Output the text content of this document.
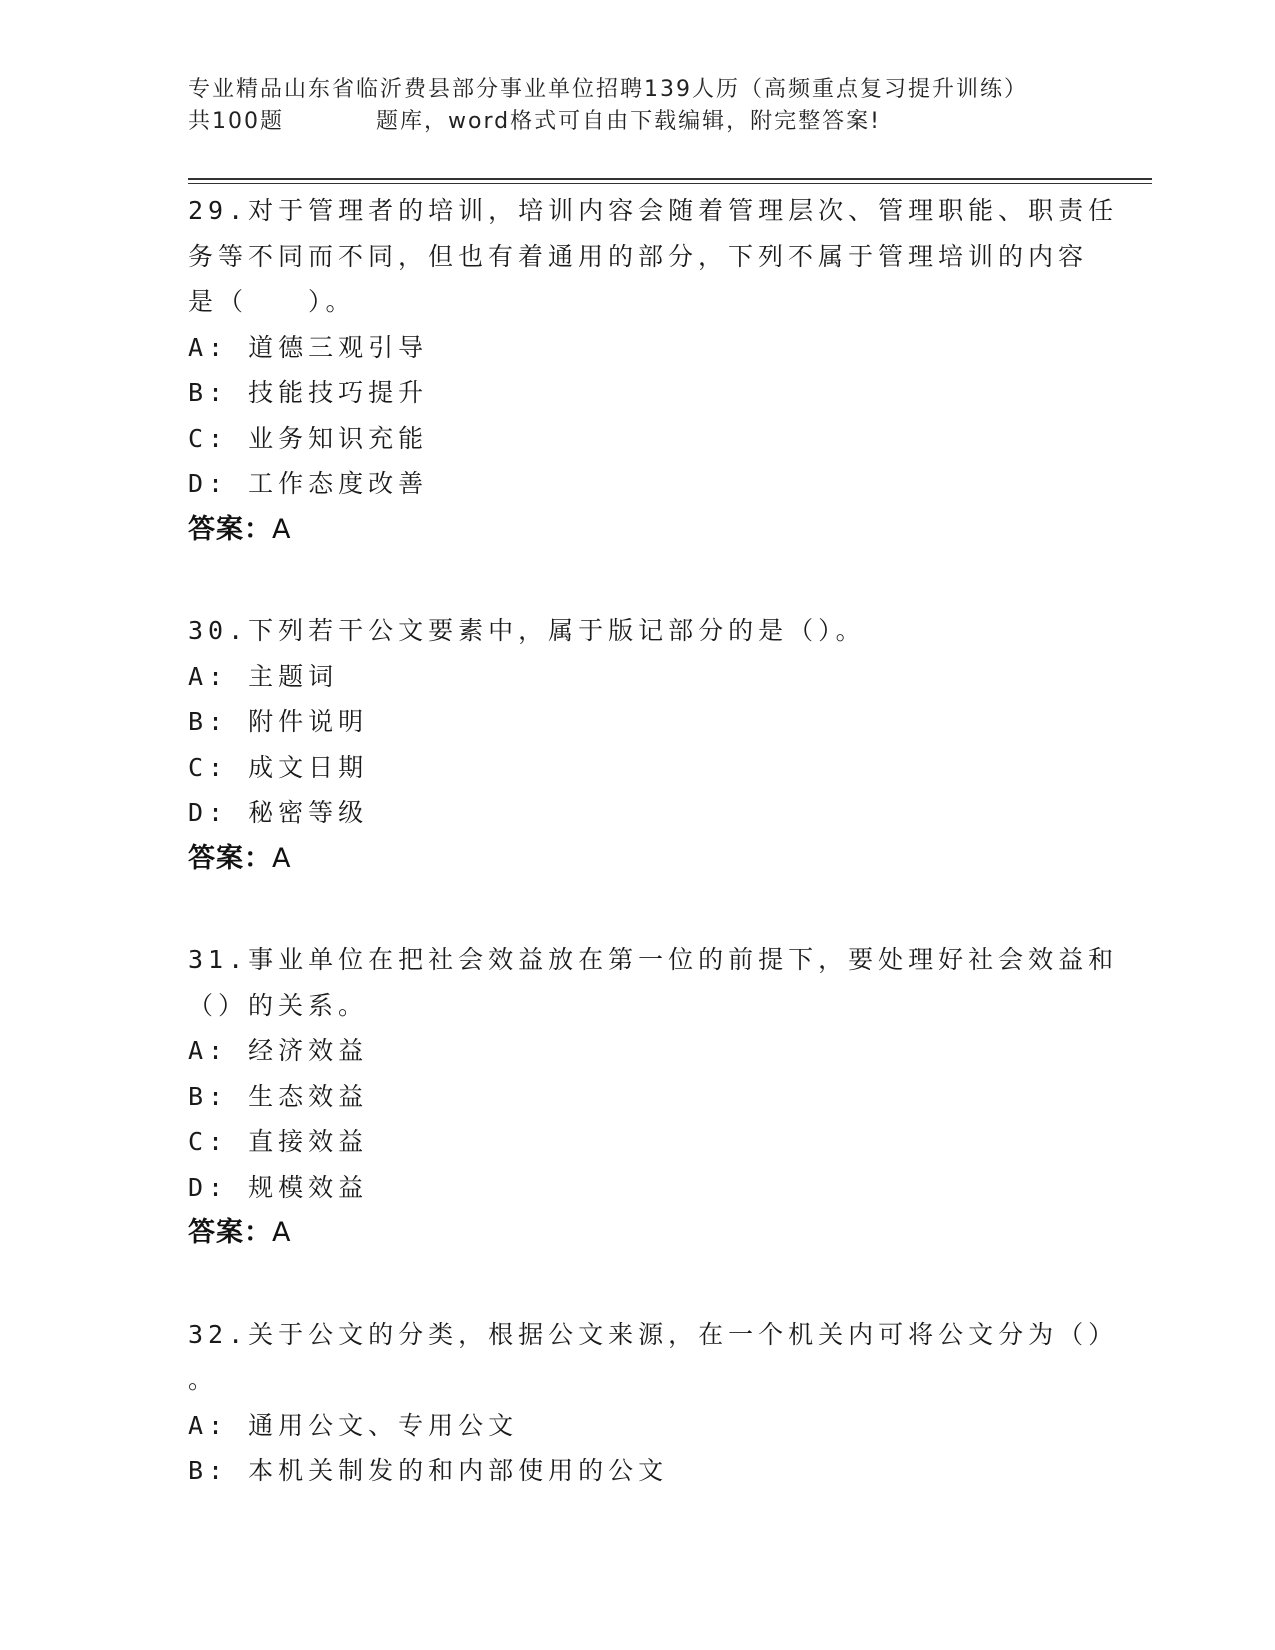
专业精品山东省临沂费县部分事业单位招聘139人历（高频重点复习提升训练）
共100题	题库，word格式可自由下载编辑，附完整答案!
29.对于管理者的培训，培训内容会随着管理层次、管理职能、职责任
务等不同而不同，但也有着通用的部分，下列不属于管理培训的内容
是（　　）。
A: 道德三观引导
B: 技能技巧提升
C: 业务知识充能
D: 工作态度改善
答案：A
30.下列若干公文要素中，属于版记部分的是（）。
A: 主题词
B: 附件说明
C: 成文日期
D: 秘密等级
答案：A
31.事业单位在把社会效益放在第一位的前提下，要处理好社会效益和
（）的关系。
A: 经济效益
B: 生态效益
C: 直接效益
D: 规模效益
答案：A
32.关于公文的分类，根据公文来源，在一个机关内可将公文分为（）
。
A: 通用公文、专用公文
B: 本机关制发的和内部使用的公文
